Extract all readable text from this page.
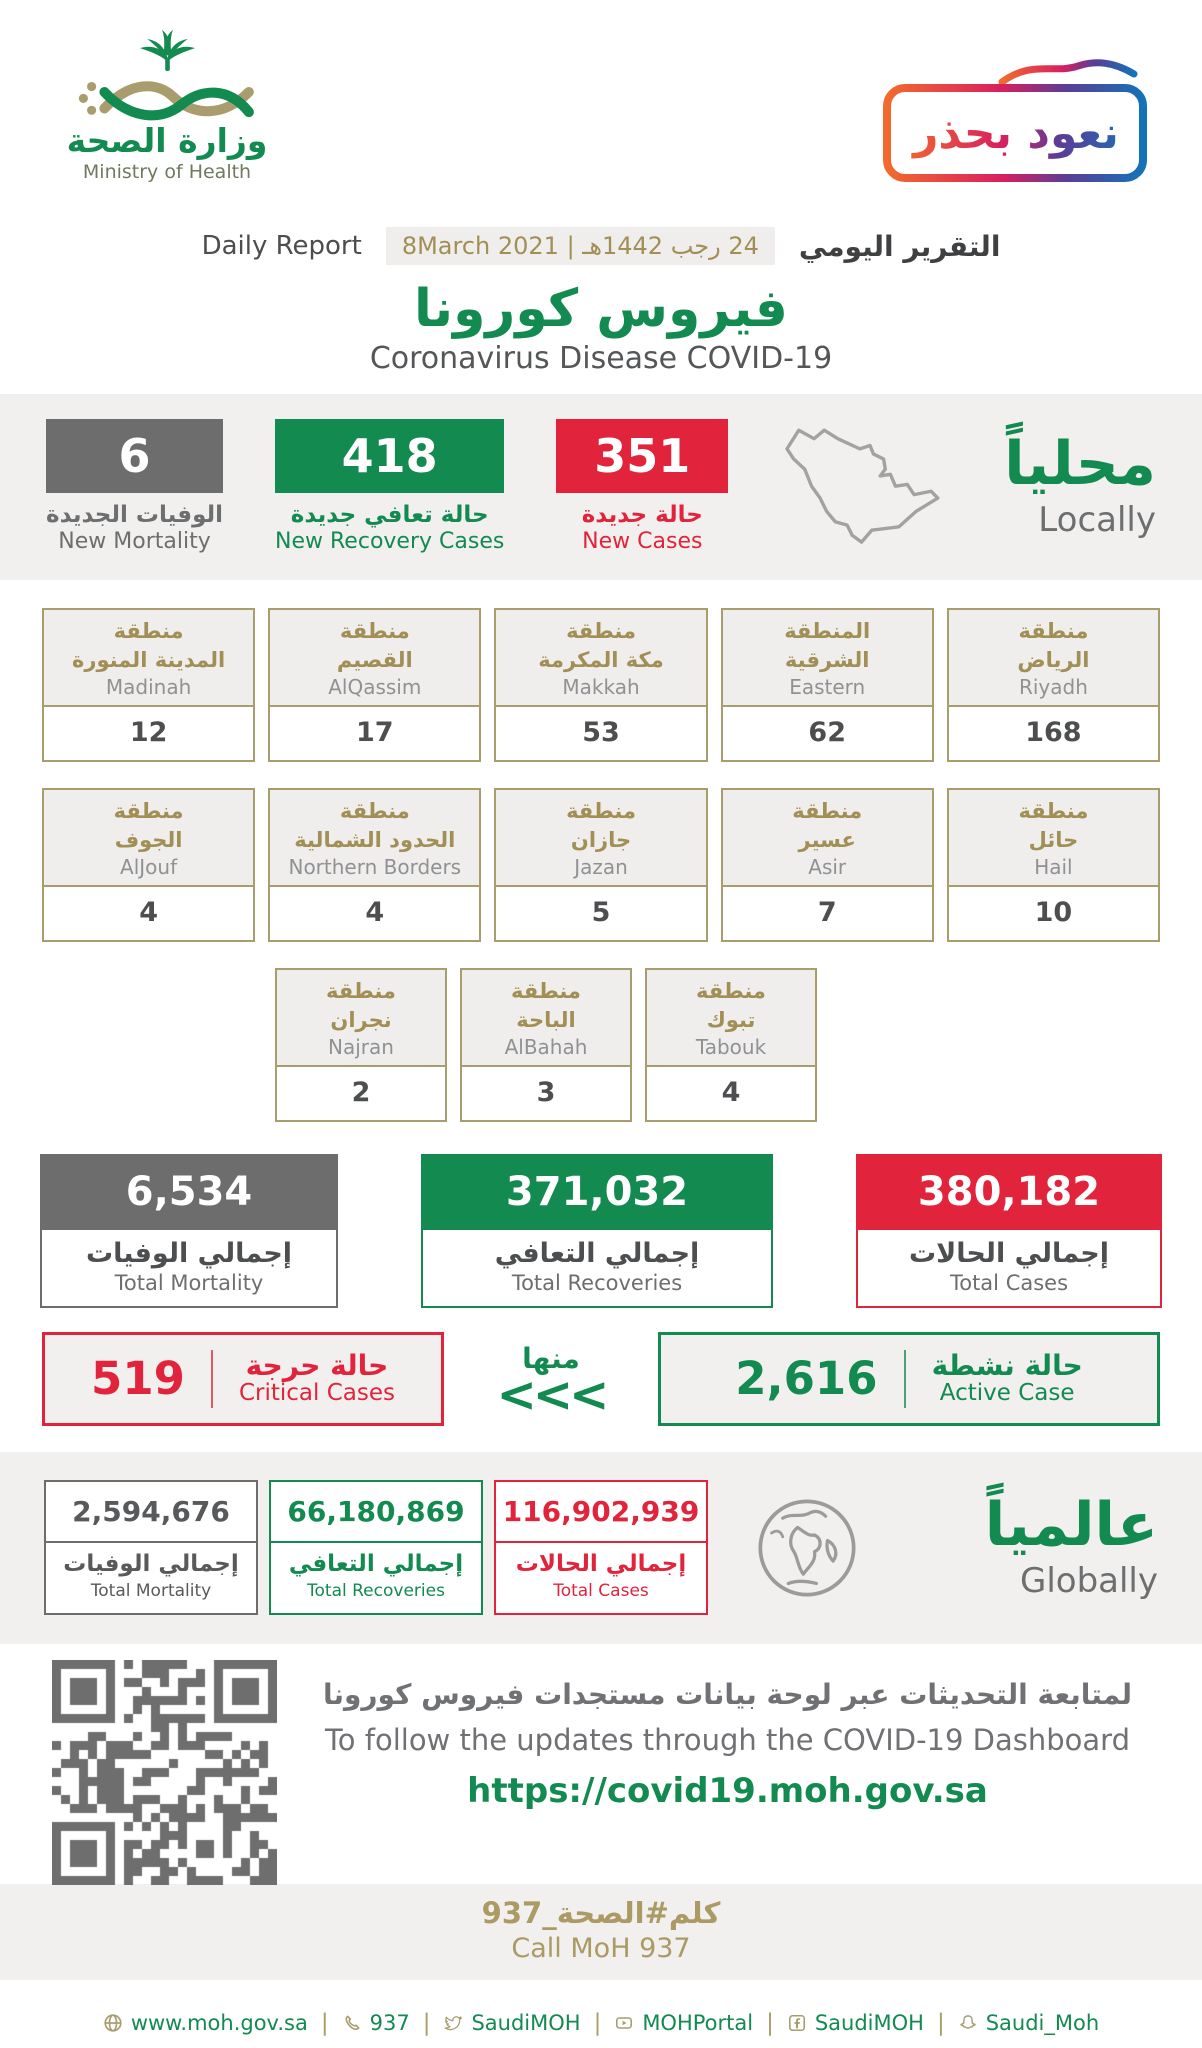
وزارة الصحة
Ministry of Health
نعود بحذر
Daily Report	24 رجب 1442هـ | 8March 2021	التقرير اليومي
فيروس كورونا
Coronavirus Disease COVID-19
6
الوفيات الجديدة
New Mortality
418
حالة تعافي جديدة
New Recovery Cases
351
حالة جديدة
New Cases
محلياً
Locally
منطقة
المدينة المنورة
Madinah
12
منطقة
القصيم
AlQassim
17
منطقة
مكة المكرمة
Makkah
53
المنطقة
الشرقية
Eastern
62
منطقة
الرياض
Riyadh
168
منطقة
الجوف
AlJouf
4
منطقة
الحدود الشمالية
Northern Borders
4
منطقة
جازان
Jazan
5
منطقة
عسير
Asir
7
منطقة
حائل
Hail
10
منطقة
نجران
Najran
2
منطقة
الباحة
AlBahah
3
منطقة
تبوك
Tabouk
4
6,534
إجمالي الوفيات
Total Mortality
371,032
إجمالي التعافي
Total Recoveries
380,182
إجمالي الحالات
Total Cases
519 حالة حرجة
Critical Cases
منها
<<<	2,616 حالة نشطة
Active Case
2,594,676
إجمالي الوفيات
Total Mortality
66,180,869
إجمالي التعافي
Total Recoveries
116,902,939
إجمالي الحالات
Total Cases
عالمياً
Globally
لمتابعة التحديثات عبر لوحة بيانات مستجدات فيروس كورونا
To follow the updates through the COVID-19 Dashboard
https://covid19.moh.gov.sa
كلم#الصحة_937
Call MoH 937
www.moh.gov.sa | 937 | SaudiMOH | MOHPortal | SaudiMOH | Saudi_Moh
